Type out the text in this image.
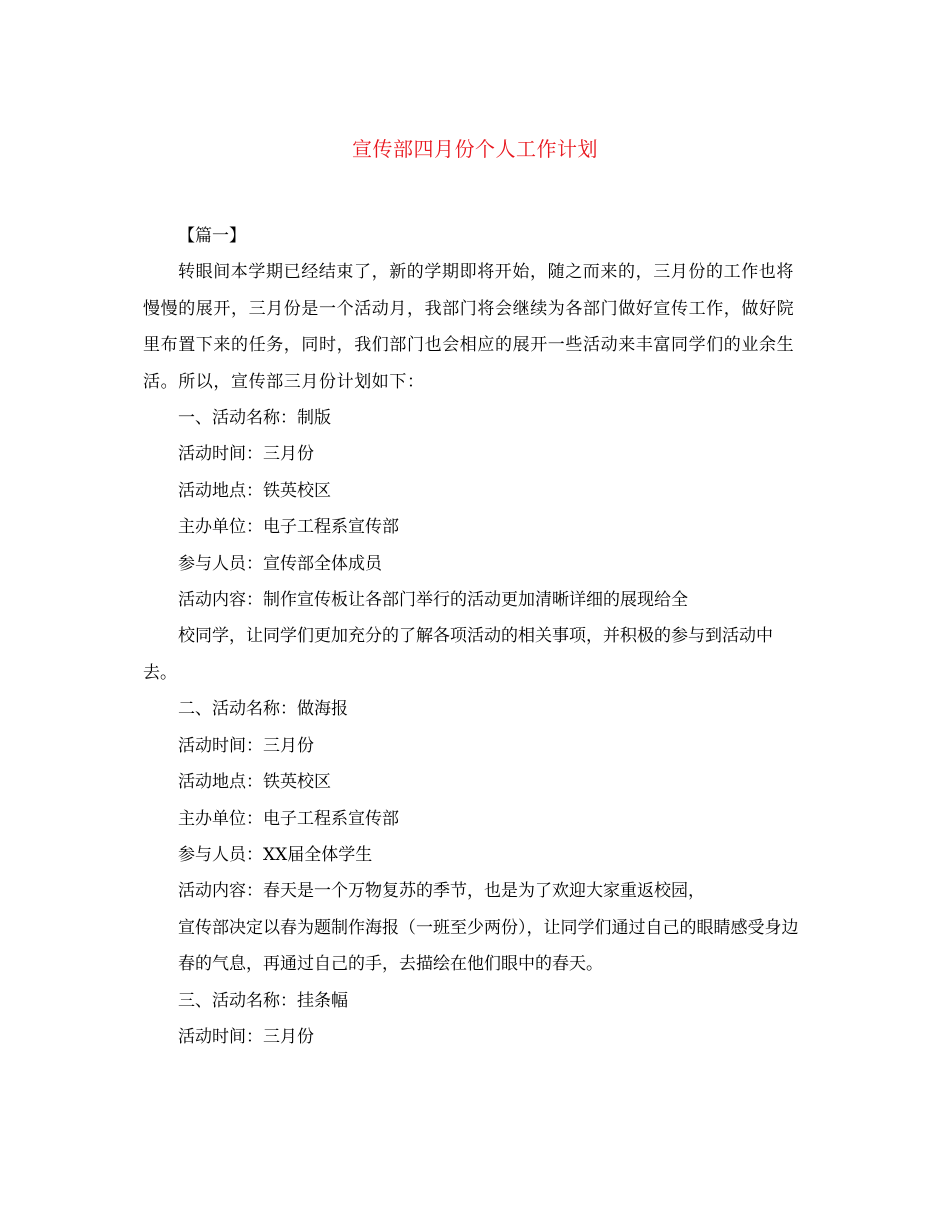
宣传部四月份个人工作计划

【篇一】

转眼间本学期已经结束了，新的学期即将开始，随之而来的，三月份的工作也将慢慢的展开，三月份是一个活动月，我部门将会继续为各部门做好宣传工作，做好院里布置下来的任务，同时，我们部门也会相应的展开一些活动来丰富同学们的业余生活。所以，宣传部三月份计划如下：

一、活动名称：制版

活动时间：三月份

活动地点：铁英校区

主办单位：电子工程系宣传部

参与人员：宣传部全体成员

活动内容：制作宣传板让各部门举行的活动更加清晰详细的展现给全

校同学，让同学们更加充分的了解各项活动的相关事项，并积极的参与到活动中去。

二、活动名称：做海报

活动时间：三月份

活动地点：铁英校区

主办单位：电子工程系宣传部

参与人员：XX届全体学生

活动内容：春天是一个万物复苏的季节，也是为了欢迎大家重返校园，

宣传部决定以春为题制作海报（一班至少两份），让同学们通过自己的眼睛感受身边

春的气息，再通过自己的手，去描绘在他们眼中的春天。

三、活动名称：挂条幅

活动时间：三月份
